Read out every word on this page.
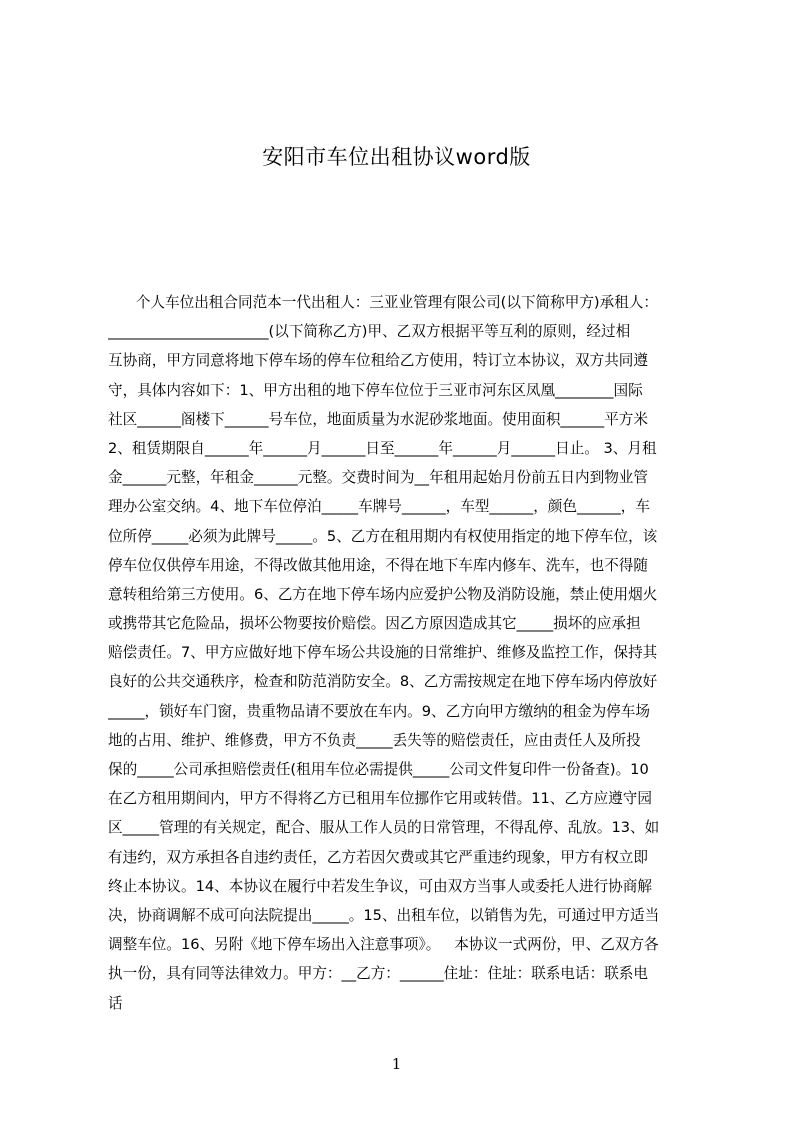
安阳市车位出租协议word版
个人车位出租合同范本一代出租人：三亚业管理有限公司(以下简称甲方)承租人：
______________________(以下简称乙方)甲、乙双方根据平等互利的原则，经过相
互协商，甲方同意将地下停车场的停车位租给乙方使用，特订立本协议，双方共同遵
守，具体内容如下：1、甲方出租的地下停车位位于三亚市河东区凤凰________国际
社区______阁楼下______号车位，地面质量为水泥砂浆地面。使用面积______平方米
2、租赁期限自______年______月______日至______年______月______日止。 3、月租
金______元整，年租金______元整。交费时间为__年租用起始月份前五日内到物业管
理办公室交纳。4、地下车位停泊_____车牌号______，车型______，颜色______，车
位所停_____必须为此牌号_____。5、乙方在租用期内有权使用指定的地下停车位，该
停车位仅供停车用途，不得改做其他用途，不得在地下车库内修车、洗车，也不得随
意转租给第三方使用。6、乙方在地下停车场内应爱护公物及消防设施，禁止使用烟火
或携带其它危险品，损坏公物要按价赔偿。因乙方原因造成其它_____损坏的应承担
赔偿责任。7、甲方应做好地下停车场公共设施的日常维护、维修及监控工作，保持其
良好的公共交通秩序，检查和防范消防安全。8、乙方需按规定在地下停车场内停放好
_____，锁好车门窗，贵重物品请不要放在车内。9、乙方向甲方缴纳的租金为停车场
地的占用、维护、维修费，甲方不负责_____丢失等的赔偿责任，应由责任人及所投
保的_____公司承担赔偿责任(租用车位必需提供_____公司文件复印件一份备查)。10
在乙方租用期间内，甲方不得将乙方已租用车位挪作它用或转借。11、乙方应遵守园
区_____管理的有关规定，配合、服从工作人员的日常管理，不得乱停、乱放。13、如
有违约，双方承担各自违约责任，乙方若因欠费或其它严重违约现象，甲方有权立即
终止本协议。14、本协议在履行中若发生争议，可由双方当事人或委托人进行协商解
决，协商调解不成可向法院提出_____。15、出租车位，以销售为先，可通过甲方适当
调整车位。16、另附《地下停车场出入注意事项》。   本协议一式两份，甲、乙双方各
执一份，具有同等法律效力。甲方：__乙方：______住址：住址：联系电话：联系电
话
1
